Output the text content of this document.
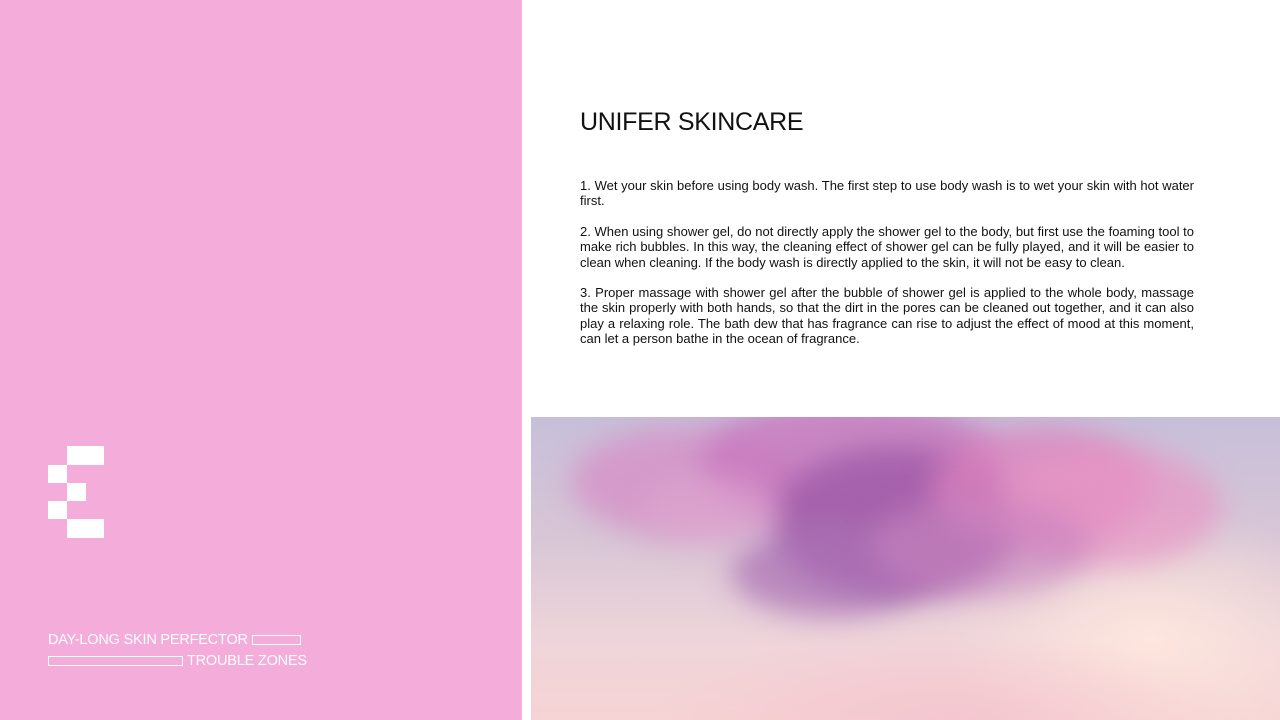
DAY-LONG SKIN PERFECTOR
TROUBLE ZONES
UNIFER SKINCARE

1. Wet your skin before using body wash. The first step to use body wash is to wet your skin with hot water first.

2. When using shower gel, do not directly apply the shower gel to the body, but first use the foaming tool to make rich bubbles. In this way, the cleaning effect of shower gel can be fully played, and it will be easier to clean when cleaning. If the body wash is directly applied to the skin, it will not be easy to clean.

3. Proper massage with shower gel after the bubble of shower gel is applied to the whole body, massage the skin properly with both hands, so that the dirt in the pores can be cleaned out together, and it can also play a relaxing role. The bath dew that has fragrance can rise to adjust the effect of mood at this moment, can let a person bathe in the ocean of fragrance.
